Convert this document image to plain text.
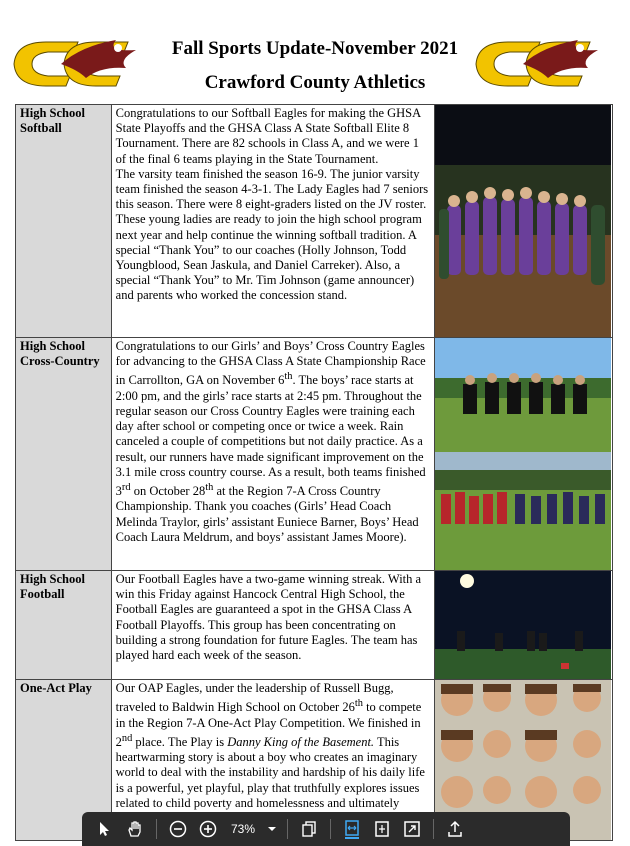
Fall Sports Update-November 2021
Crawford County Athletics
High School
Softball	Congratulations to our Softball Eagles for making the GHSA State Playoffs and the GHSA Class A State Softball Elite 8 Tournament. There are 82 schools in Class A, and we were 1 of the final 6 teams playing in the State Tournament.
The varsity team finished the season 16-9. The junior varsity team finished the season 4-3-1. The Lady Eagles had 7 seniors this season. There were 8 eight-graders listed on the JV roster. These young ladies are ready to join the high school program next year and help continue the winning softball tradition. A special “Thank You” to our coaches (Holly Johnson, Todd Youngblood, Sean Jaskula, and Daniel Carreker). Also, a special “Thank You” to Mr. Tim Johnson (game announcer) and parents who worked the concession stand.	

High School
Cross-Country	Congratulations to our Girls’ and Boys’ Cross Country Eagles for advancing to the GHSA Class A State Championship Race in Carrollton, GA on November 6th. The boys’ race starts at 2:00 pm, and the girls’ race starts at 2:45 pm. Throughout the regular season our Cross Country Eagles were training each day after school or competing once or twice a week. Rain canceled a couple of competitions but not daily practice. As a result, our runners have made significant improvement on the 3.1 mile cross country course. As a result, both teams finished 3rd on October 28th at the Region 7-A Cross Country Championship. Thank you coaches (Girls’ Head Coach Melinda Traylor, girls’ assistant Euniece Barner, Boys’ Head Coach Laura Meldrum, and boys’ assistant James Moore).	

High School
Football	Our Football Eagles have a two-game winning streak. With a win this Friday against Hancock Central High School, the Football Eagles are guaranteed a spot in the GHSA Class A Football Playoffs. This group has been concentrating on building a strong foundation for future Eagles. The team has played hard each week of the season.	

One-Act Play	Our OAP Eagles, under the leadership of Russell Bugg, traveled to Baldwin High School on October 26th to compete in the Region 7-A One-Act Play Competition. We finished in 2nd place. The Play is Danny King of the Basement. This heartwarming story is about a boy who creates an imaginary world to deal with the instability and hardship of his daily life is a powerful, yet playful, play that truthfully explores issues related to child poverty and homelessness and ultimately	
73%
